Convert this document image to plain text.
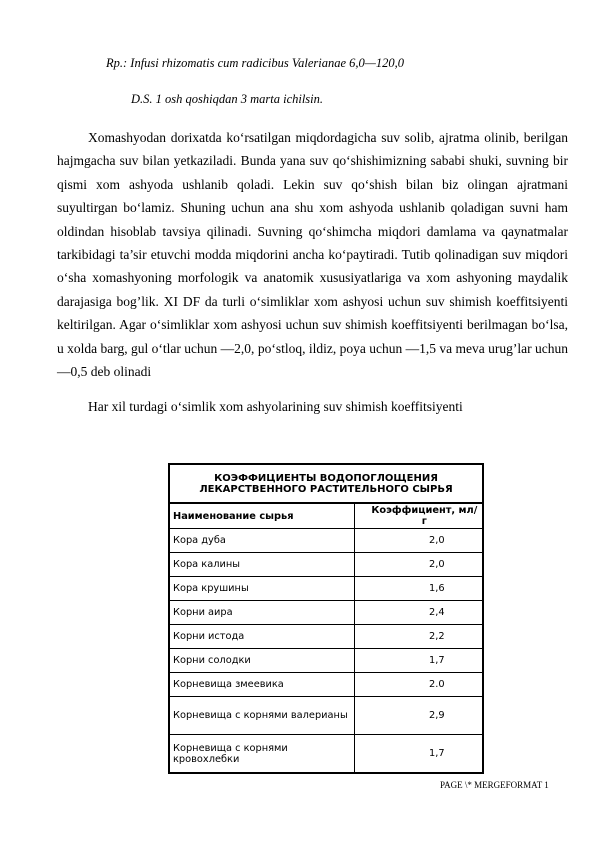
Rp.: Infusi rhizomatis cum radicibus Valerianae 6,0—120,0
D.S. 1 osh qoshiqdan 3 marta ichilsin.
Xomashyodan dorixatda ko‘rsatilgan miqdordagicha suv solib, ajratma olinib, berilgan hajmgacha suv bilan yetkaziladi. Bunda yana suv qo‘shishimizning sababi shuki, suvning bir qismi xom ashyoda ushlanib qoladi. Lekin suv qo‘shish bilan biz olingan ajratmani suyultirgan bo‘lamiz. Shuning uchun ana shu xom ashyoda ushlanib qoladigan suvni ham oldindan hisoblab tavsiya qilinadi. Suvning qo‘shimcha miqdori damlama va qaynatmalar tarkibidagi ta’sir etuvchi modda miqdorini ancha ko‘paytiradi. Tutib qolinadigan suv miqdori o‘sha xomashyoning morfologik va anatomik xususiyatlariga va xom ashyoning maydalik darajasiga bog’lik. XI DF da turli o‘simliklar xom ashyosi uchun suv shimish koeffitsiyenti keltirilgan. Agar o‘simliklar xom ashyosi uchun suv shimish koeffitsiyenti berilmagan bo‘lsa, u xolda barg, gul o‘tlar uchun —2,0, po‘stloq, ildiz, poya uchun —1,5 va meva urug’lar uchun —0,5 deb olinadi
Har xil turdagi o‘simlik xom ashyolarining suv shimish koeffitsiyenti
КОЭФФИЦИЕНТЫ ВОДОПОГЛОЩЕНИЯ
ЛЕКАРСТВЕННОГО РАСТИТЕЛЬНОГО СЫРЬЯ	

Наименование сырья	Коэффициент, мл/г
Кора дуба	2,0
Кора калины	2,0
Кора крушины	1,6
Корни аира	2,4
Корни истода	2,2
Корни солодки	1,7
Корневища змеевика	2.0
Корневища с корнями валерианы	2,9
Корневища с корнями кровохлебки	1,7
PAGE \* MERGEFORMAT 1
